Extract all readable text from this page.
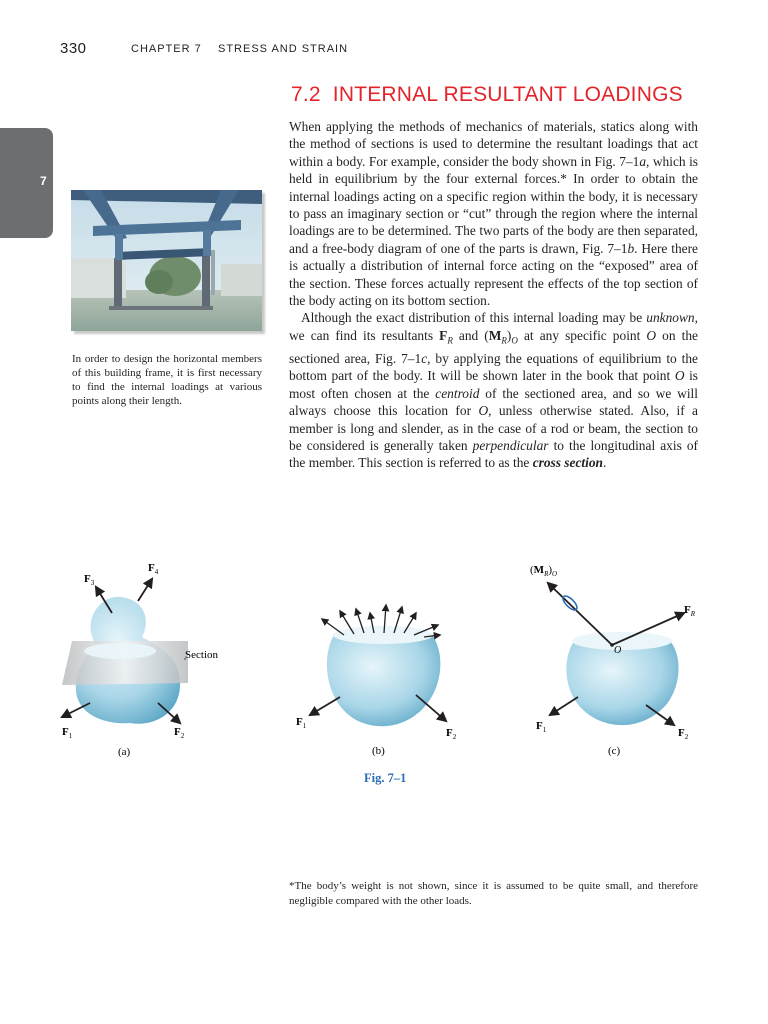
330	CHAPTER 7 STRESS AND STRAIN
7
7.2 INTERNAL RESULTANT LOADINGS

When applying the methods of mechanics of materials, statics along with the method of sections is used to determine the resultant loadings that act within a body. For example, consider the body shown in Fig. 7–1a, which is held in equilibrium by the four external forces.* In order to obtain the internal loadings acting on a specific region within the body, it is necessary to pass an imaginary section or “cut” through the region where the internal loadings are to be determined. The two parts of the body are then separated, and a free-body diagram of one of the parts is drawn, Fig. 7–1b. Here there is actually a distribution of internal force acting on the “exposed” area of the section. These forces actually represent the effects of the top section of the body acting on its bottom section.

Although the exact distribution of this internal loading may be unknown, we can find its resultants $F_R$ and $(M_R)_O$ at any specific point O on the sectioned area, Fig. 7–1c, by applying the equations of equilibrium to the bottom part of the body. It will be shown later in the book that point O is most often chosen at the centroid of the sectioned area, and so we will always choose this location for O, unless otherwise stated. Also, if a member is long and slender, as in the case of a rod or beam, the section to be considered is generally taken perpendicular to the longitudinal axis of the member. This section is referred to as the cross section.

In order to design the horizontal members of this building frame, it is first necessary to find the internal loadings at various points along their length.
Section
$F_3$
$F_4$
$F_1$	$F_2$
(a)
$F_1$
$F_2$
(b)
O
$(M_R)_O$
$F_R$
$F_1$	$F_2$
(c)
Fig. 7–1
*The body’s weight is not shown, since it is assumed to be quite small, and therefore negligible compared with the other loads.
